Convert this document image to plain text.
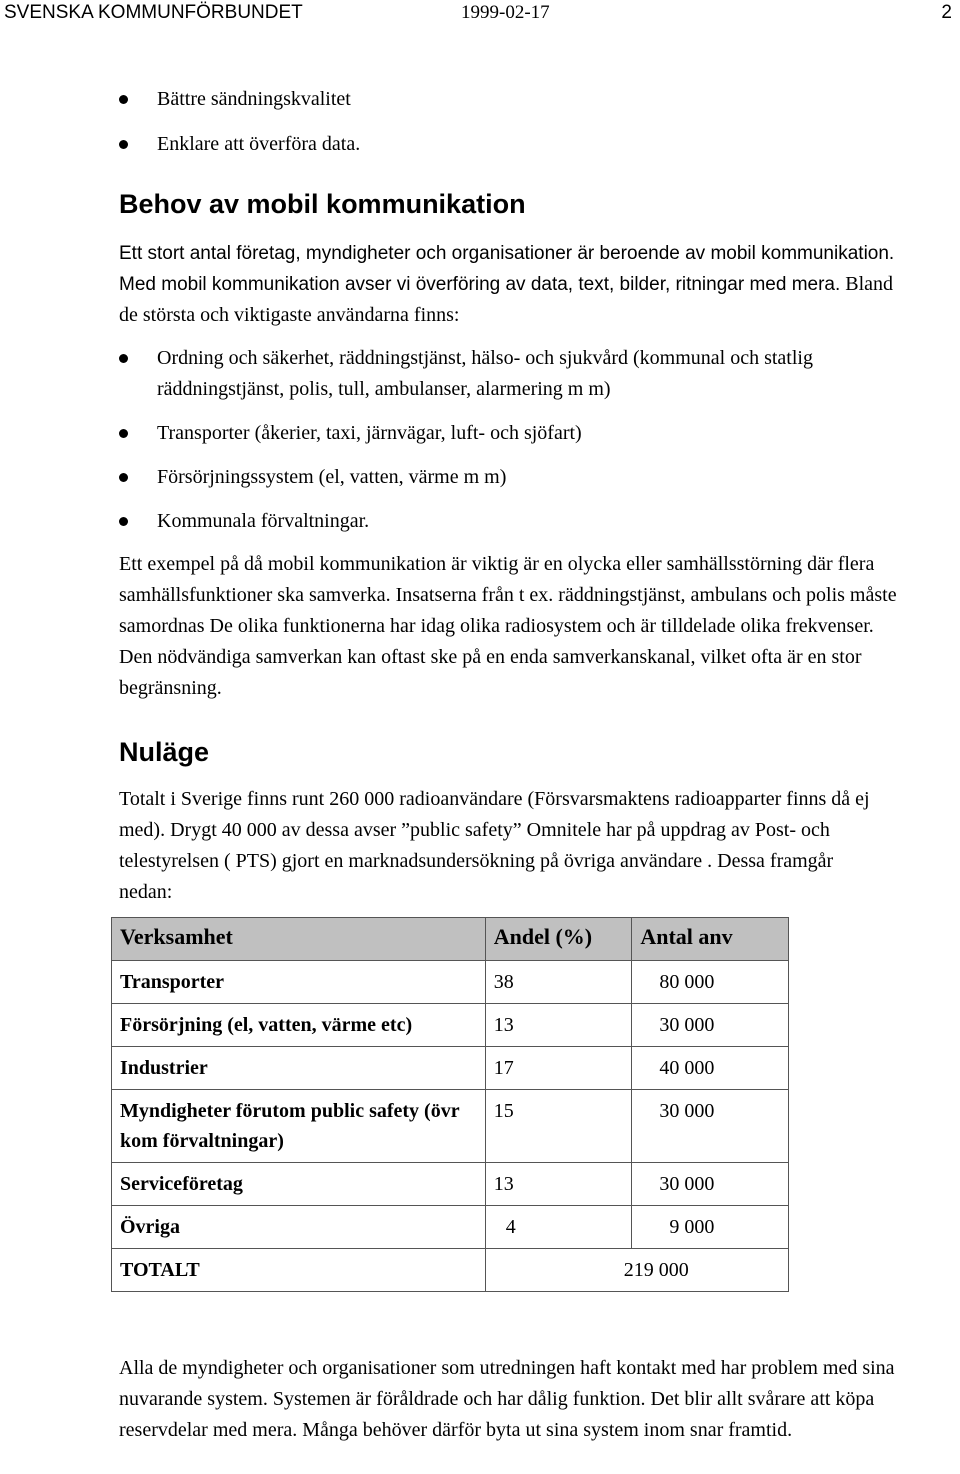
SVENSKA KOMMUNFÖRBUNDET	1999-02-17	2
Bättre sändningskvalitet
Enklare att överföra data.
Behov av mobil kommunikation
Ett stort antal företag, myndigheter och organisationer är beroende av mobil kommunikation. Med mobil kommunikation avser vi överföring av data, text, bilder, ritningar med mera. Bland de största och viktigaste användarna finns:
Ordning och säkerhet, räddningstjänst, hälso- och sjukvård (kommunal och statlig räddningstjänst, polis, tull, ambulanser, alarmering m m)
Transporter (åkerier, taxi, järnvägar, luft- och sjöfart)
Försörjningssystem (el, vatten, värme m m)
Kommunala förvaltningar.
Ett exempel på då mobil kommunikation är viktig är en olycka eller samhällsstörning där flera samhällsfunktioner ska samverka. Insatserna från t ex. räddningstjänst, ambulans och polis måste samordnas De olika funktionerna har idag olika radiosystem och är tilldelade olika frekvenser. Den nödvändiga samverkan kan oftast ske på en enda samverkanskanal, vilket ofta är en stor begränsning.
Nuläge
Totalt i Sverige finns runt 260 000 radioanvändare (Försvarsmaktens radioapparter finns då ej med). Drygt 40 000 av dessa avser ”public safety” Omnitele har på uppdrag av Post- och telestyrelsen ( PTS) gjort en marknadsundersökning på övriga användare . Dessa framgår nedan:
Verksamhet	Andel (%)	Antal anv
Transporter	38	80 000
Försörjning (el, vatten, värme etc)	13	30 000
Industrier	17	40 000
Myndigheter förutom public safety (övr kom förvaltningar)	15	30 000
Serviceföretag	13	30 000
Övriga	4	9 000
TOTALT	219 000	
Alla de myndigheter och organisationer som utredningen haft kontakt med har problem med sina nuvarande system. Systemen är föråldrade och har dålig funktion. Det blir allt svårare att köpa reservdelar med mera. Många behöver därför byta ut sina system inom snar framtid.
